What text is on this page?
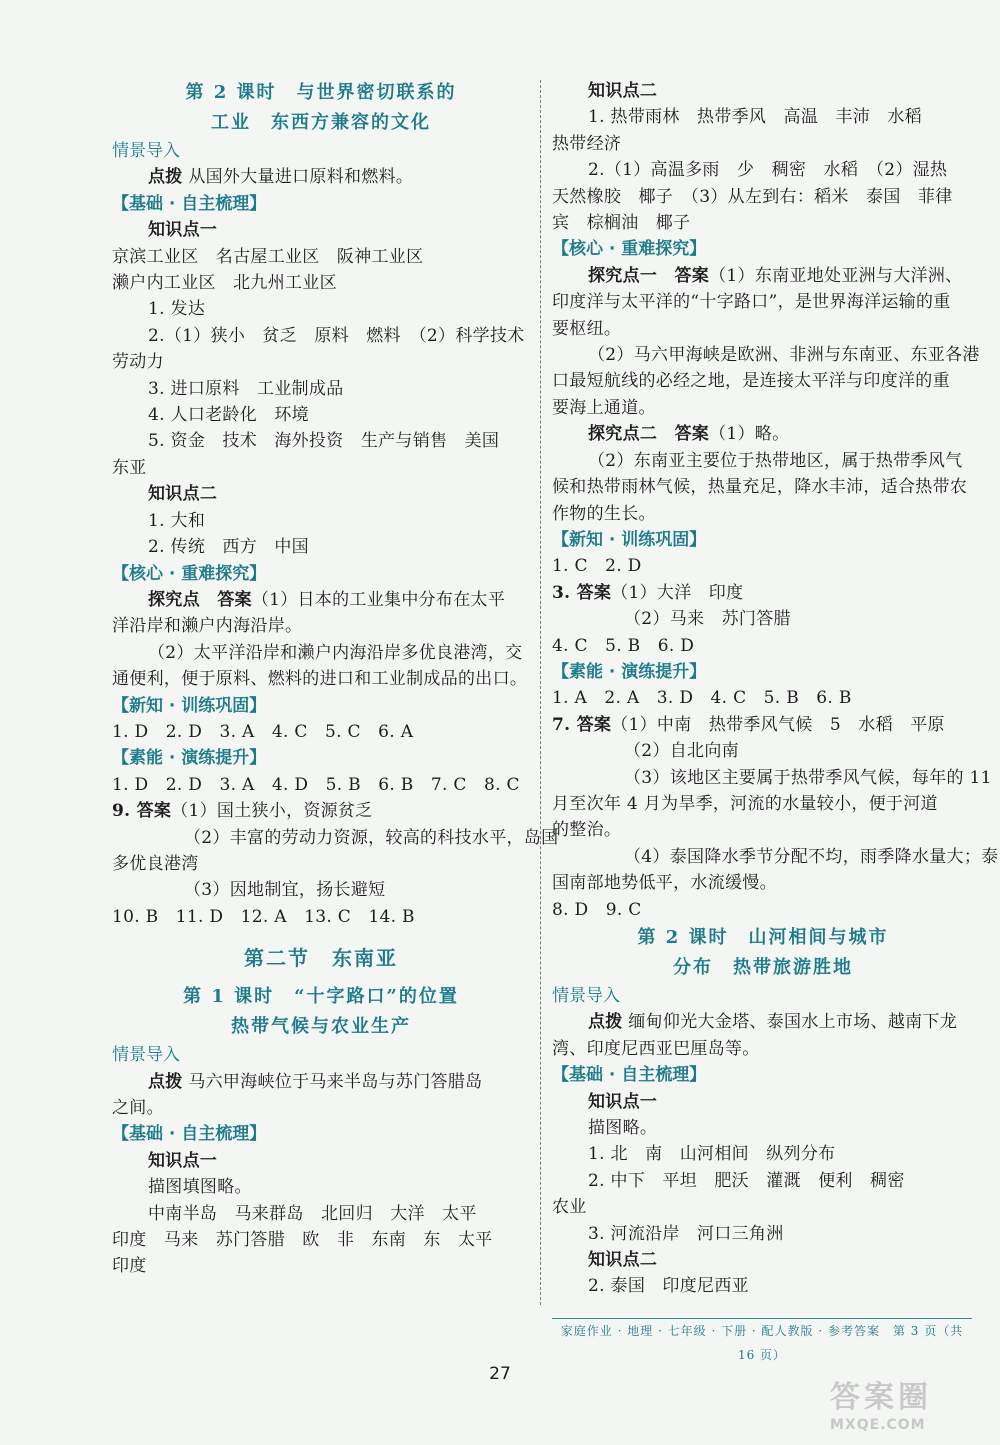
第 2 课时　与世界密切联系的
工业　东西方兼容的文化
情景导入
点拨 从国外大量进口原料和燃料。
【基础 · 自主梳理】
知识点一
京滨工业区　名古屋工业区　阪神工业区
濑户内工业区　北九州工业区
1. 发达
2.（1）狭小　贫乏　原料　燃料　（2）科学技术
劳动力
3. 进口原料　工业制成品
4. 人口老龄化　环境
5. 资金　技术　海外投资　生产与销售　美国
东亚
知识点二
1. 大和
2. 传统　西方　中国
【核心 · 重难探究】
探究点　答案（1）日本的工业集中分布在太平
洋沿岸和濑户内海沿岸。
（2）太平洋沿岸和濑户内海沿岸多优良港湾，交
通便利，便于原料、燃料的进口和工业制成品的出口。
【新知 · 训练巩固】
1. D　2. D　3. A　4. C　5. C　6. A
【素能 · 演练提升】
1. D　2. D　3. A　4. D　5. B　6. B　7. C　8. C
9. 答案（1）国土狭小，资源贫乏
（2）丰富的劳动力资源，较高的科技水平，岛国
多优良港湾
（3）因地制宜，扬长避短
10. B　11. D　12. A　13. C　14. B
第二节　东南亚
第 1 课时　“十字路口”的位置
热带气候与农业生产
情景导入
点拨 马六甲海峡位于马来半岛与苏门答腊岛
之间。
【基础 · 自主梳理】
知识点一
描图填图略。
中南半岛　马来群岛　北回归　大洋　太平
印度　马来　苏门答腊　欧　非　东南　东　太平
印度
知识点二
1. 热带雨林　热带季风　高温　丰沛　水稻
热带经济
2.（1）高温多雨　少　稠密　水稻　（2）湿热
天然橡胶　椰子　（3）从左到右：稻米　泰国　菲律
宾　棕榈油　椰子
【核心 · 重难探究】
探究点一　答案（1）东南亚地处亚洲与大洋洲、
印度洋与太平洋的“十字路口”，是世界海洋运输的重
要枢纽。
（2）马六甲海峡是欧洲、非洲与东南亚、东亚各港
口最短航线的必经之地，是连接太平洋与印度洋的重
要海上通道。
探究点二　答案（1）略。
（2）东南亚主要位于热带地区，属于热带季风气
候和热带雨林气候，热量充足，降水丰沛，适合热带农
作物的生长。
【新知 · 训练巩固】
1. C　2. D
3. 答案（1）大洋　印度
（2）马来　苏门答腊
4. C　5. B　6. D
【素能 · 演练提升】
1. A　2. A　3. D　4. C　5. B　6. B
7. 答案（1）中南　热带季风气候　5　水稻　平原
（2）自北向南
（3）该地区主要属于热带季风气候，每年的 11
月至次年 4 月为旱季，河流的水量较小，便于河道
的整治。
（4）泰国降水季节分配不均，雨季降水量大；泰
国南部地势低平，水流缓慢。
8. D　9. C
第 2 课时　山河相间与城市
分布　热带旅游胜地
情景导入
点拨 缅甸仰光大金塔、泰国水上市场、越南下龙
湾、印度尼西亚巴厘岛等。
【基础 · 自主梳理】
知识点一
描图略。
1. 北　南　山河相间　纵列分布
2. 中下　平坦　肥沃　灌溉　便利　稠密
农业
3. 河流沿岸　河口三角洲
知识点二
2. 泰国　印度尼西亚
家庭作业 · 地理 · 七年级 · 下册 · 配人教版 · 参考答案　第 3 页（共 16 页）
27
答案圈
MXQE.COM
